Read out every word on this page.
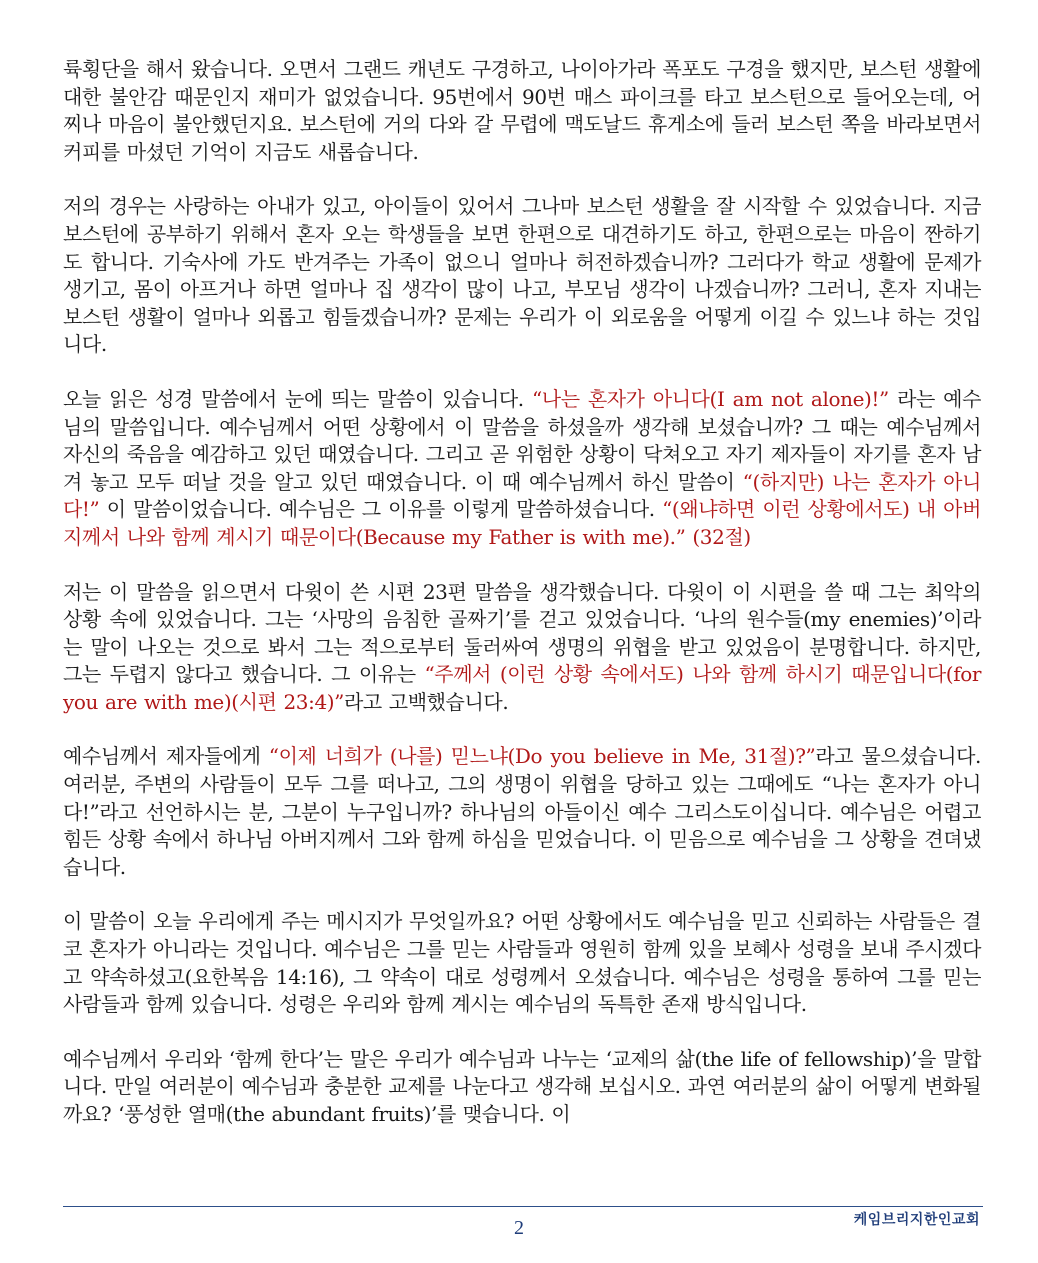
륙횡단을 해서 왔습니다. 오면서 그랜드 캐년도 구경하고, 나이아가라 폭포도 구경을 했지만, 보스턴 생활에 대한 불안감 때문인지 재미가 없었습니다. 95번에서 90번 매스 파이크를 타고 보스턴으로 들어오는데, 어찌나 마음이 불안했던지요. 보스턴에 거의 다와 갈 무렵에 맥도날드 휴게소에 들러 보스턴 쪽을 바라보면서 커피를 마셨던 기억이 지금도 새롭습니다.

저의 경우는 사랑하는 아내가 있고, 아이들이 있어서 그나마 보스턴 생활을 잘 시작할 수 있었습니다. 지금 보스턴에 공부하기 위해서 혼자 오는 학생들을 보면 한편으로 대견하기도 하고, 한편으로는 마음이 짠하기도 합니다. 기숙사에 가도 반겨주는 가족이 없으니 얼마나 허전하겠습니까? 그러다가 학교 생활에 문제가 생기고, 몸이 아프거나 하면 얼마나 집 생각이 많이 나고, 부모님 생각이 나겠습니까? 그러니, 혼자 지내는 보스턴 생활이 얼마나 외롭고 힘들겠습니까? 문제는 우리가 이 외로움을 어떻게 이길 수 있느냐 하는 것입니다.

오늘 읽은 성경 말씀에서 눈에 띄는 말씀이 있습니다. “나는 혼자가 아니다(I am not alone)!” 라는 예수님의 말씀입니다. 예수님께서 어떤 상황에서 이 말씀을 하셨을까 생각해 보셨습니까? 그 때는 예수님께서 자신의 죽음을 예감하고 있던 때였습니다. 그리고 곧 위험한 상황이 닥쳐오고 자기 제자들이 자기를 혼자 남겨 놓고 모두 떠날 것을 알고 있던 때였습니다. 이 때 예수님께서 하신 말씀이 “(하지만) 나는 혼자가 아니다!” 이 말씀이었습니다. 예수님은 그 이유를 이렇게 말씀하셨습니다. “(왜냐하면 이런 상황에서도) 내 아버지께서 나와 함께 계시기 때문이다(Because my Father is with me).” (32절)

저는 이 말씀을 읽으면서 다윗이 쓴 시편 23편 말씀을 생각했습니다. 다윗이 이 시편을 쓸 때 그는 최악의 상황 속에 있었습니다. 그는 ‘사망의 음침한 골짜기’를 걷고 있었습니다. ‘나의 원수들(my enemies)’이라는 말이 나오는 것으로 봐서 그는 적으로부터 둘러싸여 생명의 위협을 받고 있었음이 분명합니다. 하지만, 그는 두렵지 않다고 했습니다. 그 이유는 “주께서 (이런 상황 속에서도) 나와 함께 하시기 때문입니다(for you are with me)(시편 23:4)”라고 고백했습니다.

예수님께서 제자들에게 “이제 너희가 (나를) 믿느냐(Do you believe in Me, 31절)?”라고 물으셨습니다. 여러분, 주변의 사람들이 모두 그를 떠나고, 그의 생명이 위협을 당하고 있는 그때에도 “나는 혼자가 아니다!”라고 선언하시는 분, 그분이 누구입니까? 하나님의 아들이신 예수 그리스도이십니다. 예수님은 어렵고 힘든 상황 속에서 하나님 아버지께서 그와 함께 하심을 믿었습니다. 이 믿음으로 예수님을 그 상황을 견뎌냈습니다.

이 말씀이 오늘 우리에게 주는 메시지가 무엇일까요? 어떤 상황에서도 예수님을 믿고 신뢰하는 사람들은 결코 혼자가 아니라는 것입니다. 예수님은 그를 믿는 사람들과 영원히 함께 있을 보혜사 성령을 보내 주시겠다고 약속하셨고(요한복음 14:16), 그 약속이 대로 성령께서 오셨습니다. 예수님은 성령을 통하여 그를 믿는 사람들과 함께 있습니다. 성령은 우리와 함께 계시는 예수님의 독특한 존재 방식입니다.

예수님께서 우리와 ‘함께 한다’는 말은 우리가 예수님과 나누는 ‘교제의 삶(the life of fellowship)’을 말합니다. 만일 여러분이 예수님과 충분한 교제를 나눈다고 생각해 보십시오. 과연 여러분의 삶이 어떻게 변화될까요? ‘풍성한 열매(the abundant fruits)’를 맺습니다. 이

2	케임브리지한인교회
